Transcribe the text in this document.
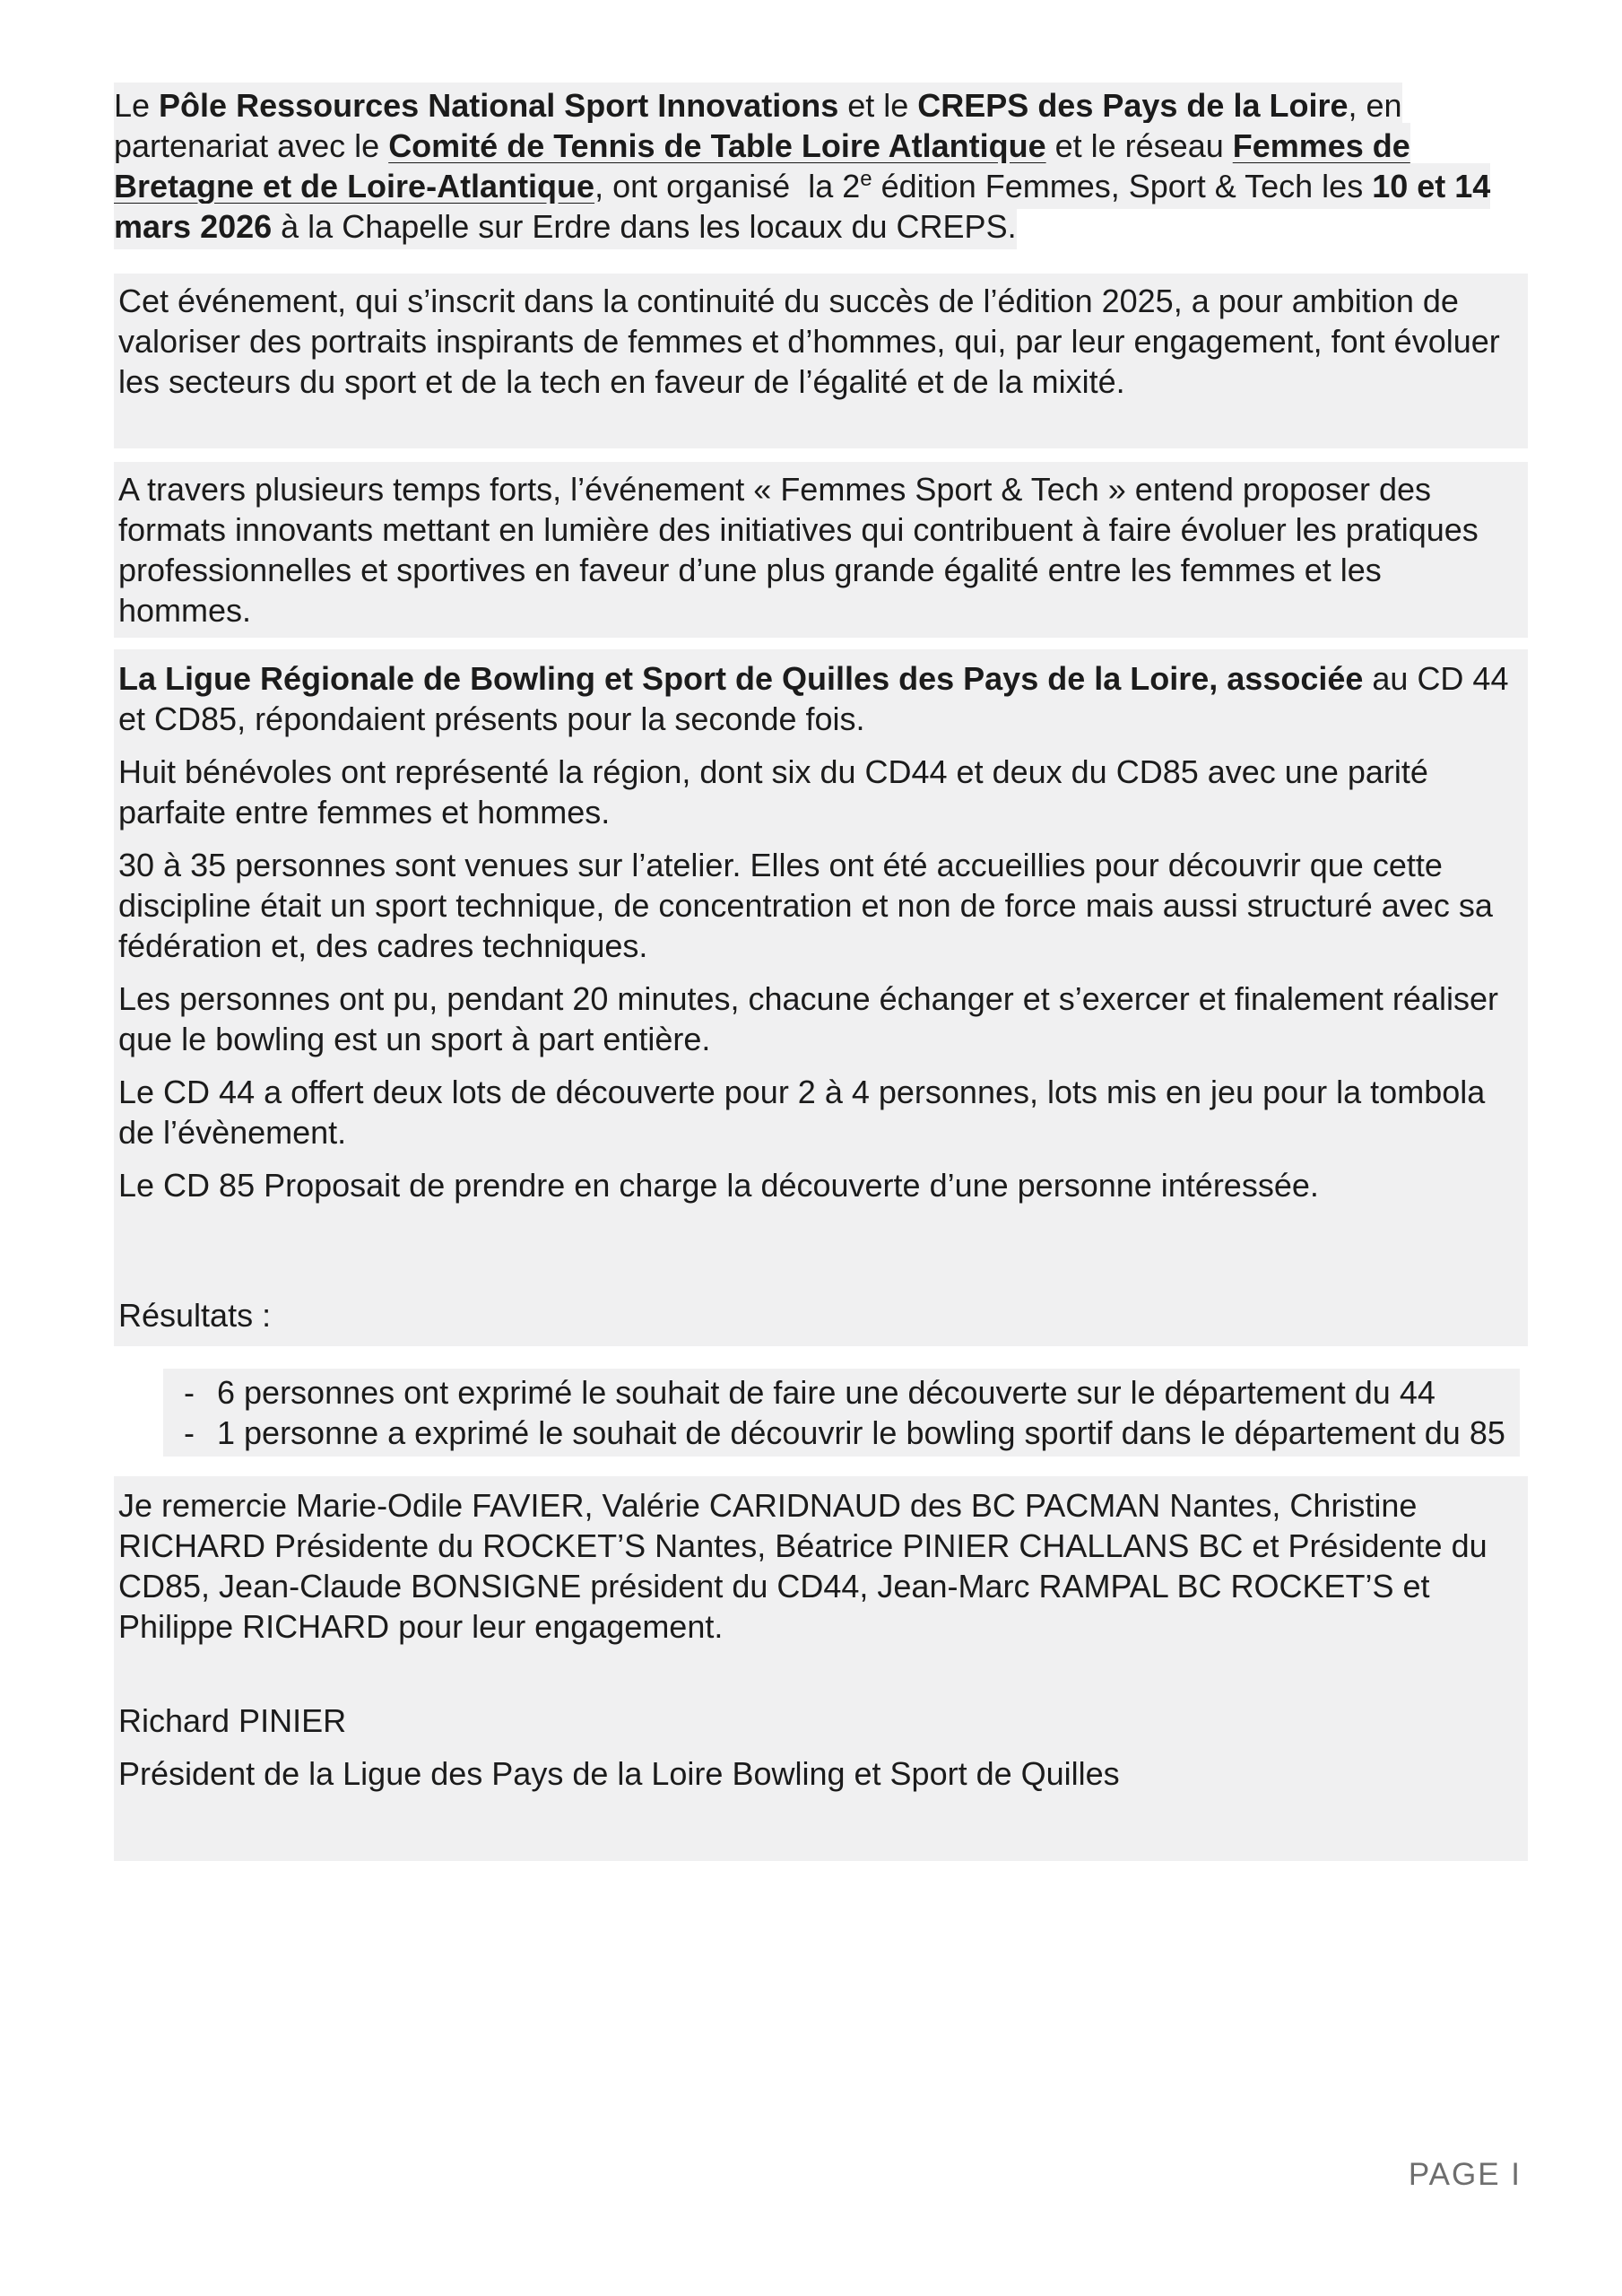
Le Pôle Ressources National Sport Innovations et le CREPS des Pays de la Loire, en partenariat avec le Comité de Tennis de Table Loire Atlantique et le réseau Femmes de Bretagne et de Loire-Atlantique, ont organisé  la 2e édition Femmes, Sport & Tech les 10 et 14 mars 2026 à la Chapelle sur Erdre dans les locaux du CREPS.

Cet événement, qui s’inscrit dans la continuité du succès de l’édition 2025, a pour ambition de valoriser des portraits inspirants de femmes et d’hommes, qui, par leur engagement, font évoluer les secteurs du sport et de la tech en faveur de l’égalité et de la mixité.

A travers plusieurs temps forts, l’événement « Femmes Sport & Tech » entend proposer des formats innovants mettant en lumière des initiatives qui contribuent à faire évoluer les pratiques professionnelles et sportives en faveur d’une plus grande égalité entre les femmes et les hommes.

La Ligue Régionale de Bowling et Sport de Quilles des Pays de la Loire, associée au CD 44 et CD85, répondaient présents pour la seconde fois.

Huit bénévoles ont représenté la région, dont six du CD44 et deux du CD85 avec une parité parfaite entre femmes et hommes.

30 à 35 personnes sont venues sur l’atelier. Elles ont été accueillies pour découvrir que cette discipline était un sport technique, de concentration et non de force mais aussi structuré avec sa fédération et, des cadres techniques.

Les personnes ont pu, pendant 20 minutes, chacune échanger et s’exercer et finalement réaliser que le bowling est un sport à part entière.

Le CD 44 a offert deux lots de découverte pour 2 à 4 personnes, lots mis en jeu pour la tombola de l’évènement.

Le CD 85 Proposait de prendre en charge la découverte d’une personne intéressée.

Résultats :

- 6 personnes ont exprimé le souhait de faire une découverte sur le département du 44
- 1 personne a exprimé le souhait de découvrir le bowling sportif dans le département du 85

Je remercie Marie-Odile FAVIER, Valérie CARIDNAUD des BC PACMAN Nantes, Christine RICHARD Présidente du ROCKET’S Nantes, Béatrice PINIER CHALLANS BC et Présidente du CD85, Jean-Claude BONSIGNE président du CD44, Jean-Marc RAMPAL BC ROCKET’S et Philippe RICHARD pour leur engagement.

Richard PINIER

Président de la Ligue des Pays de la Loire Bowling et Sport de Quilles

PAGE I
